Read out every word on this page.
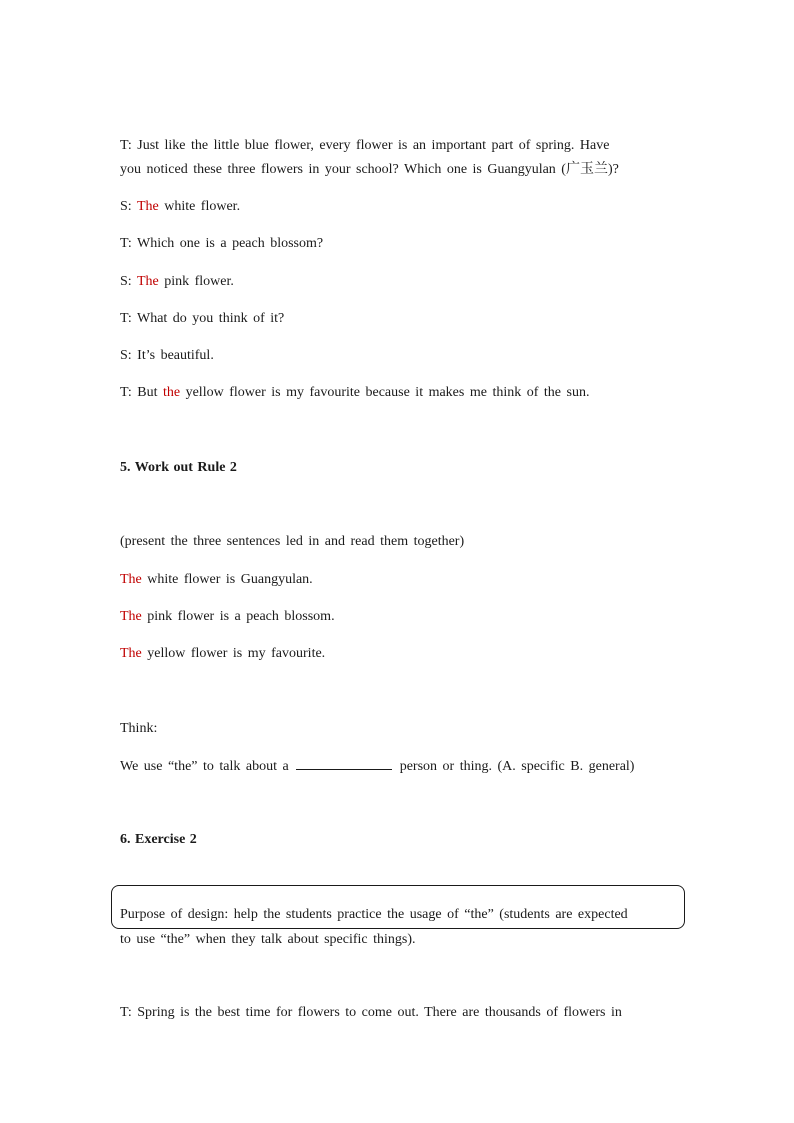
T: Just like the little blue flower, every flower is an important part of spring. Have
you noticed these three flowers in your school? Which one is Guangyulan (广玉兰)?
S: The white flower.
T: Which one is a peach blossom?
S: The pink flower.
T: What do you think of it?
S: It’s beautiful.
T: But the yellow flower is my favourite because it makes me think of the sun.
5. Work out Rule 2
(present the three sentences led in and read them together)
The white flower is Guangyulan.
The pink flower is a peach blossom.
The yellow flower is my favourite.
Think:
We use “the” to talk about a	person or thing. (A. specific B. general)
6. Exercise 2
Purpose of design: help the students practice the usage of “the” (students are expected
to use “the” when they talk about specific things).
T: Spring is the best time for flowers to come out. There are thousands of flowers in
